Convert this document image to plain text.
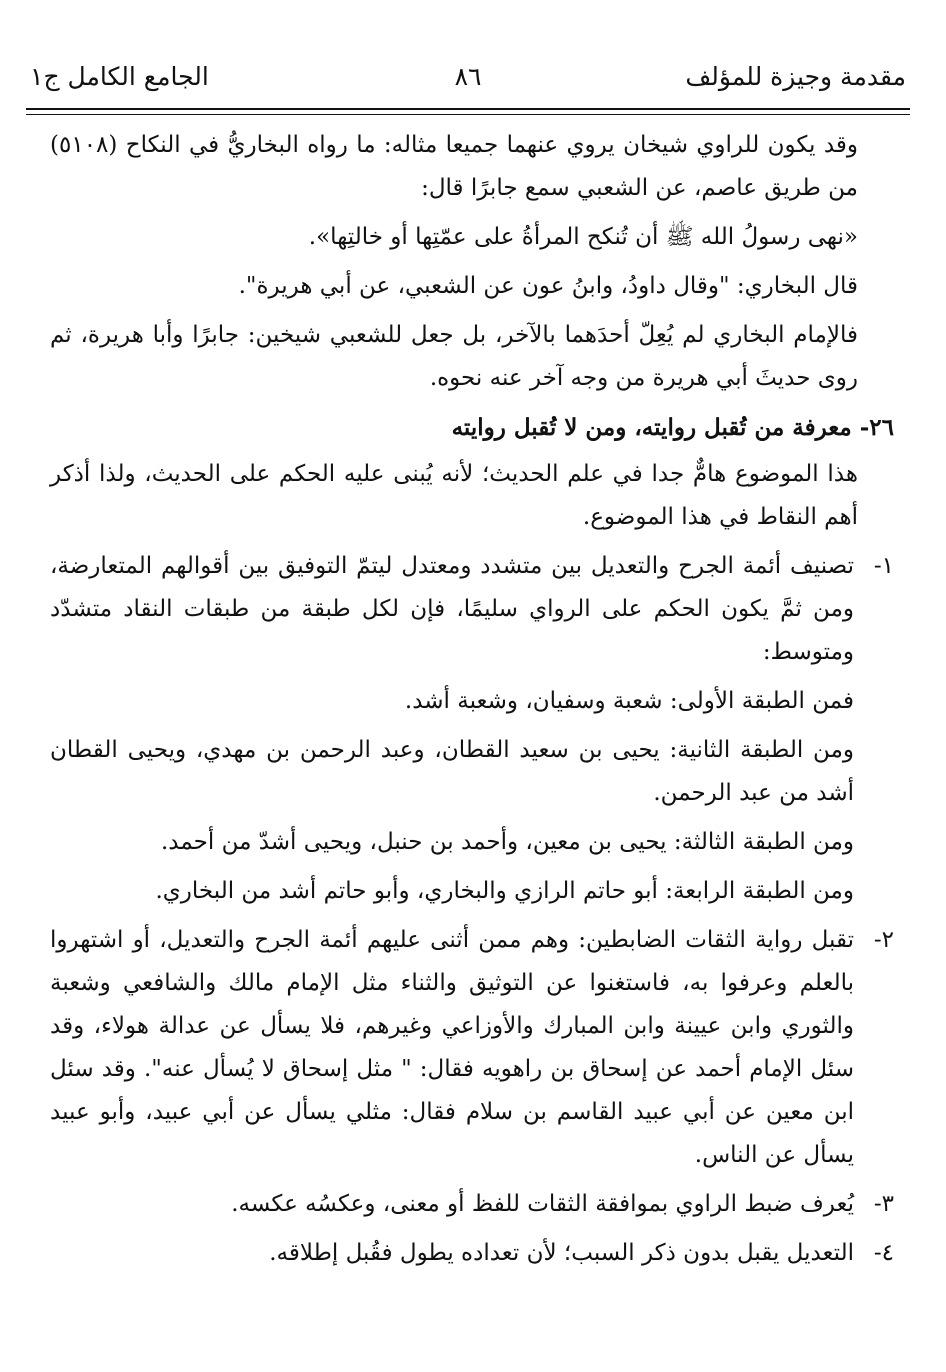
مقدمة وجيزة للمؤلف
٨٦
الجامع الكامل ج١

وقد يكون للراوي شيخان يروي عنهما جميعا مثاله: ما رواه البخاريُّ في النكاح (٥١٠٨) من طريق عاصم، عن الشعبي سمع جابرًا قال:

«نهى رسولُ الله ﷺ أن تُنكح المرأةُ على عمّتِها أو خالتِها».

قال البخاري: "وقال داودُ، وابنُ عون عن الشعبي، عن أبي هريرة".

فالإمام البخاري لم يُعِلّ أحدَهما بالآخر، بل جعل للشعبي شيخين: جابرًا وأبا هريرة، ثم روى حديثَ أبي هريرة من وجه آخر عنه نحوه.

٢٦- معرفة من تُقبل روايته، ومن لا تُقبل روايته

هذا الموضوع هامٌّ جدا في علم الحديث؛ لأنه يُبنى عليه الحكم على الحديث، ولذا أذكر أهم النقاط في هذا الموضوع.

١-
تصنيف أئمة الجرح والتعديل بين متشدد ومعتدل ليتمّ التوفيق بين أقوالهم المتعارضة، ومن ثمَّ يكون الحكم على الرواي سليمًا، فإن لكل طبقة من طبقات النقاد متشدّد ومتوسط:

فمن الطبقة الأولى: شعبة وسفيان، وشعبة أشد.

ومن الطبقة الثانية: يحيى بن سعيد القطان، وعبد الرحمن بن مهدي، ويحيى القطان أشد من عبد الرحمن.

ومن الطبقة الثالثة: يحيى بن معين، وأحمد بن حنبل، ويحيى أشدّ من أحمد.

ومن الطبقة الرابعة: أبو حاتم الرازي والبخاري، وأبو حاتم أشد من البخاري.

٢-
تقبل رواية الثقات الضابطين: وهم ممن أثنى عليهم أئمة الجرح والتعديل، أو اشتهروا بالعلم وعرفوا به، فاستغنوا عن التوثيق والثناء مثل الإمام مالك والشافعي وشعبة والثوري وابن عيينة وابن المبارك والأوزاعي وغيرهم، فلا يسأل عن عدالة هولاء، وقد سئل الإمام أحمد عن إسحاق بن راهويه فقال: " مثل إسحاق لا يُسأل عنه". وقد سئل ابن معين عن أبي عبيد القاسم بن سلام فقال: مثلي يسأل عن أبي عبيد، وأبو عبيد يسأل عن الناس.
٣-
يُعرف ضبط الراوي بموافقة الثقات للفظ أو معنى، وعكسُه عكسه.
٤-
التعديل يقبل بدون ذكر السبب؛ لأن تعداده يطول فقُبل إطلاقه.
